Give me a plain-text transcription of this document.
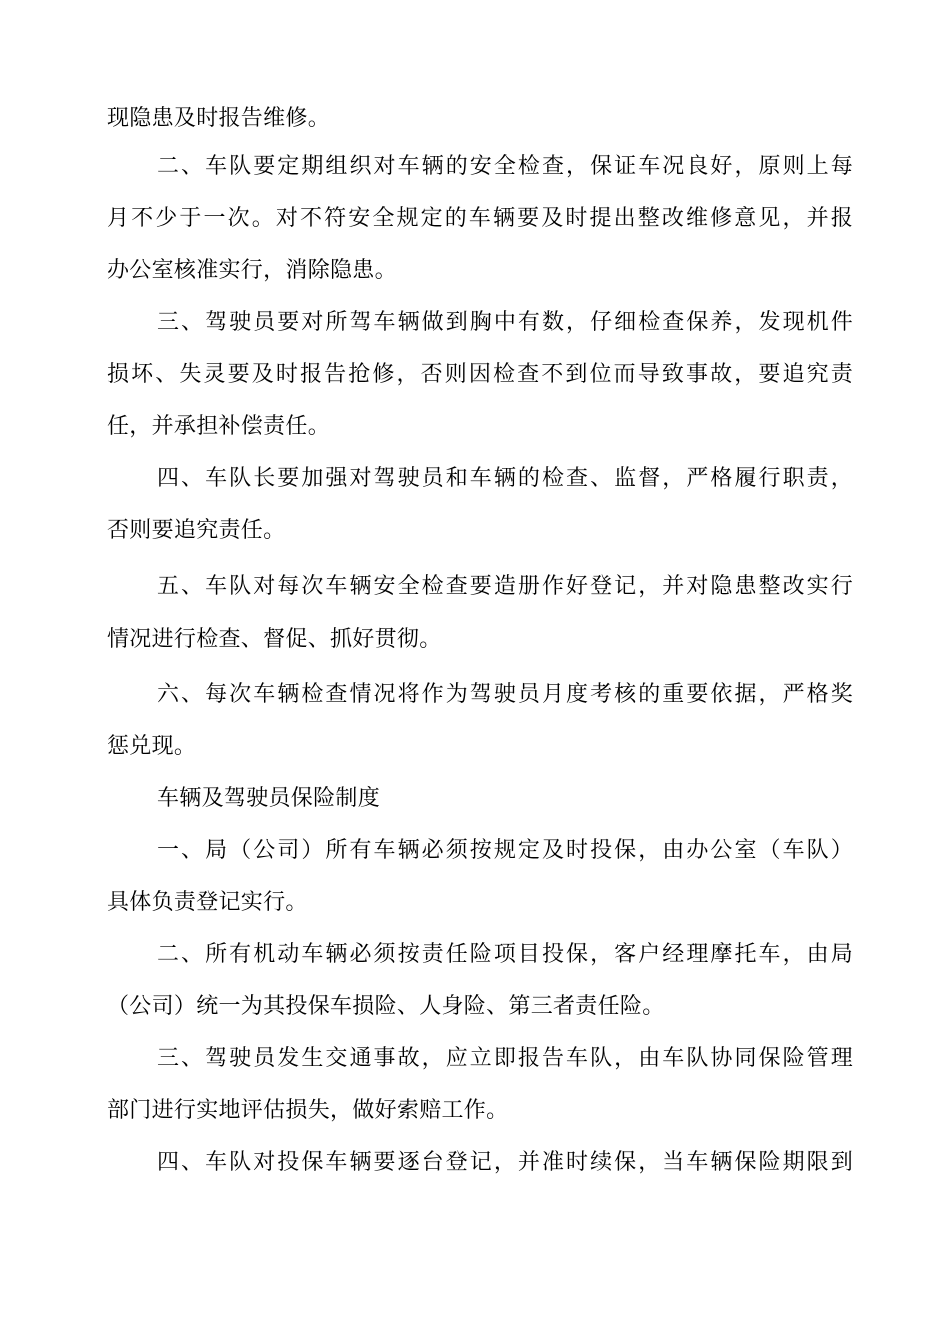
现隐患及时报告维修。
二、车队要定期组织对车辆的安全检查，保证车况良好，原则上每
月不少于一次。对不符安全规定的车辆要及时提出整改维修意见，并报
办公室核准实行，消除隐患。
三、驾驶员要对所驾车辆做到胸中有数，仔细检查保养，发现机件
损坏、失灵要及时报告抢修，否则因检查不到位而导致事故，要追究责
任，并承担补偿责任。
四、车队长要加强对驾驶员和车辆的检查、监督，严格履行职责，
否则要追究责任。
五、车队对每次车辆安全检查要造册作好登记，并对隐患整改实行
情况进行检查、督促、抓好贯彻。
六、每次车辆检查情况将作为驾驶员月度考核的重要依据，严格奖
惩兑现。
车辆及驾驶员保险制度
一、局（公司）所有车辆必须按规定及时投保，由办公室（车队）
具体负责登记实行。
二、所有机动车辆必须按责任险项目投保，客户经理摩托车，由局
（公司）统一为其投保车损险、人身险、第三者责任险。
三、驾驶员发生交通事故，应立即报告车队，由车队协同保险管理
部门进行实地评估损失，做好索赔工作。
四、车队对投保车辆要逐台登记，并准时续保，当车辆保险期限到
